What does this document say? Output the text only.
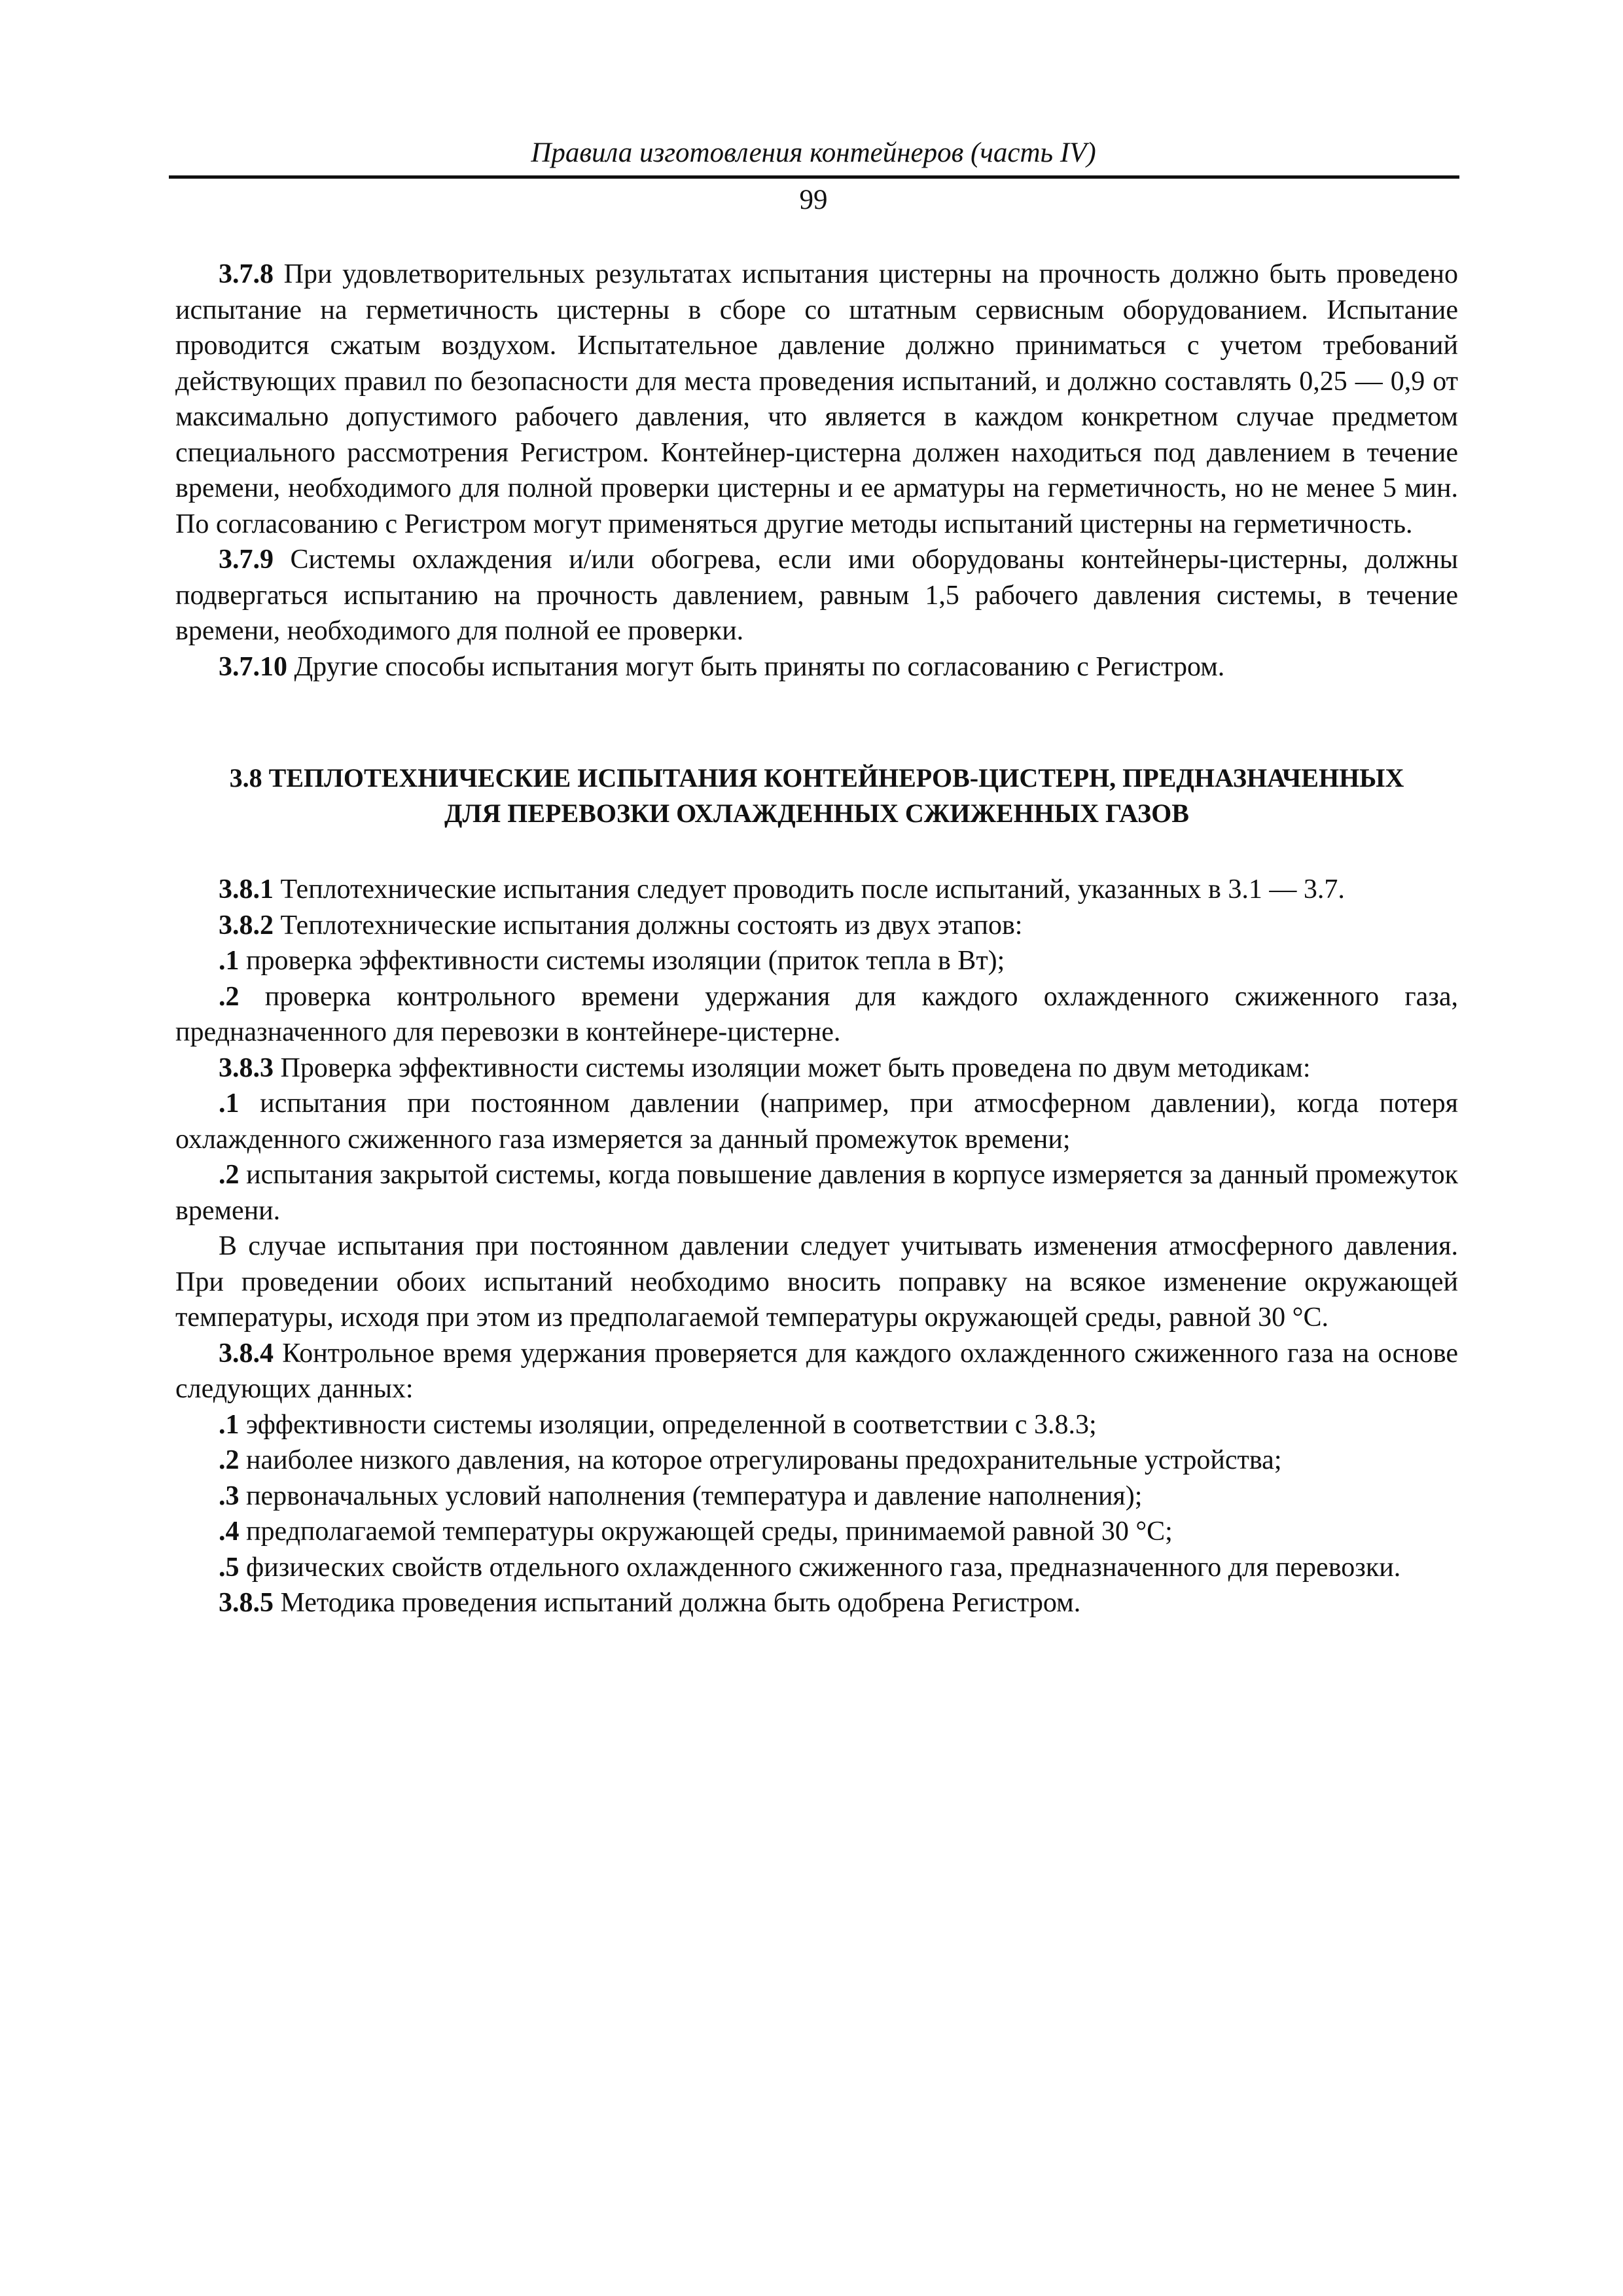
Правила изготовления контейнеров (часть IV)
99

3.7.8 При удовлетворительных результатах испытания цистерны на прочность должно быть проведено испытание на герметичность цистерны в сборе со штатным сервисным оборудованием. Испытание проводится сжатым воздухом. Испытательное давление должно приниматься с учетом требований действующих правил по безопасности для места проведения испытаний, и должно составлять 0,25 — 0,9 от максимально допустимого рабочего давления, что является в каждом конкретном случае предметом специального рассмотрения Регистром. Контейнер-цистерна должен находиться под давлением в течение времени, необходимого для полной проверки цистерны и ее арматуры на герметичность, но не менее 5 мин. По согласованию с Регистром могут применяться другие методы испытаний цистерны на герметичность.

3.7.9 Системы охлаждения и/или обогрева, если ими оборудованы контейнеры-цистерны, должны подвергаться испытанию на прочность давлением, равным 1,5 рабочего давления системы, в течение времени, необходимого для полной ее проверки.

3.7.10 Другие способы испытания могут быть приняты по согласованию с Регистром.

3.8 ТЕПЛОТЕХНИЧЕСКИЕ ИСПЫТАНИЯ КОНТЕЙНЕРОВ-ЦИСТЕРН, ПРЕДНАЗНАЧЕННЫХ
ДЛЯ ПЕРЕВОЗКИ ОХЛАЖДЕННЫХ СЖИЖЕННЫХ ГАЗОВ

3.8.1 Теплотехнические испытания следует проводить после испытаний, указанных в 3.1 — 3.7.

3.8.2 Теплотехнические испытания должны состоять из двух этапов:

.1 проверка эффективности системы изоляции (приток тепла в Вт);

.2 проверка контрольного времени удержания для каждого охлажденного сжиженного газа, предназначенного для перевозки в контейнере-цистерне.

3.8.3 Проверка эффективности системы изоляции может быть проведена по двум методикам:

.1 испытания при постоянном давлении (например, при атмосферном давлении), когда потеря охлажденного сжиженного газа измеряется за данный промежуток времени;

.2 испытания закрытой системы, когда повышение давления в корпусе измеряется за данный промежуток времени.

В случае испытания при постоянном давлении следует учитывать изменения атмосферного давления. При проведении обоих испытаний необходимо вносить поправку на всякое изменение окружающей температуры, исходя при этом из предполагаемой температуры окружающей среды, равной 30 °С.

3.8.4 Контрольное время удержания проверяется для каждого охлажденного сжиженного газа на основе следующих данных:

.1 эффективности системы изоляции, определенной в соответствии с 3.8.3;

.2 наиболее низкого давления, на которое отрегулированы предохранительные устройства;

.3 первоначальных условий наполнения (температура и давление наполнения);

.4 предполагаемой температуры окружающей среды, принимаемой равной 30 °С;

.5 физических свойств отдельного охлажденного сжиженного газа, предназначенного для перевозки.

3.8.5 Методика проведения испытаний должна быть одобрена Регистром.
